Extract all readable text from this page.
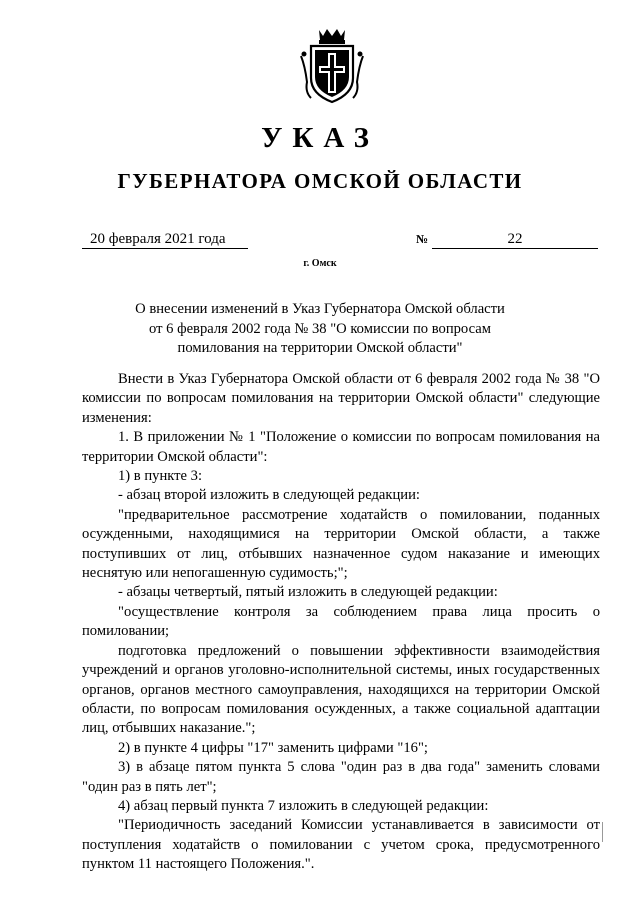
УКАЗ
ГУБЕРНАТОРА ОМСКОЙ ОБЛАСТИ
20 февраля 2021 года	№	22
г. Омск
О внесении изменений в Указ Губернатора Омской области
от 6 февраля 2002 года № 38 "О комиссии по вопросам
помилования на территории Омской области"

Внести в Указ Губернатора Омской области от 6 февраля 2002 года № 38 "О комиссии по вопросам помилования на территории Омской области" следующие изменения:

1. В приложении № 1 "Положение о комиссии по вопросам помилования на территории Омской области":

1) в пункте 3:

- абзац второй изложить в следующей редакции:

"предварительное рассмотрение ходатайств о помиловании, поданных осужденными, находящимися на территории Омской области, а также поступивших от лиц, отбывших назначенное судом наказание и имеющих неснятую или непогашенную судимость;";

- абзацы четвертый, пятый изложить в следующей редакции:

"осуществление контроля за соблюдением права лица просить о помиловании;

подготовка предложений о повышении эффективности взаимодействия учреждений и органов уголовно-исполнительной системы, иных государственных органов, органов местного самоуправления, находящихся на территории Омской области, по вопросам помилования осужденных, а также социальной адаптации лиц, отбывших наказание.";

2) в пункте 4 цифры "17" заменить цифрами "16";

3) в абзаце пятом пункта 5 слова "один раз в два года" заменить словами "один раз в пять лет";

4) абзац первый пункта 7 изложить в следующей редакции:

"Периодичность заседаний Комиссии устанавливается в зависимости от поступления ходатайств о помиловании с учетом срока, предусмотренного пунктом 11 настоящего Положения.".
